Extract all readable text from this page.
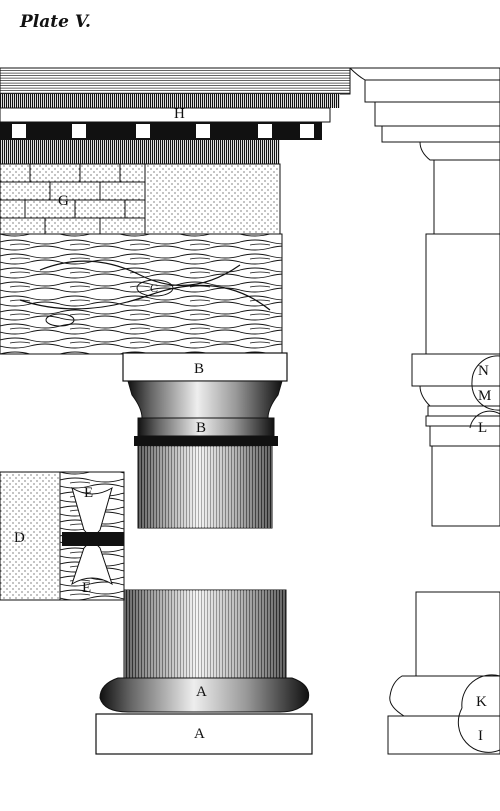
Plate V.
H
G
C
B
B
A
A
D
E
F
E
N
M
L
K
I
